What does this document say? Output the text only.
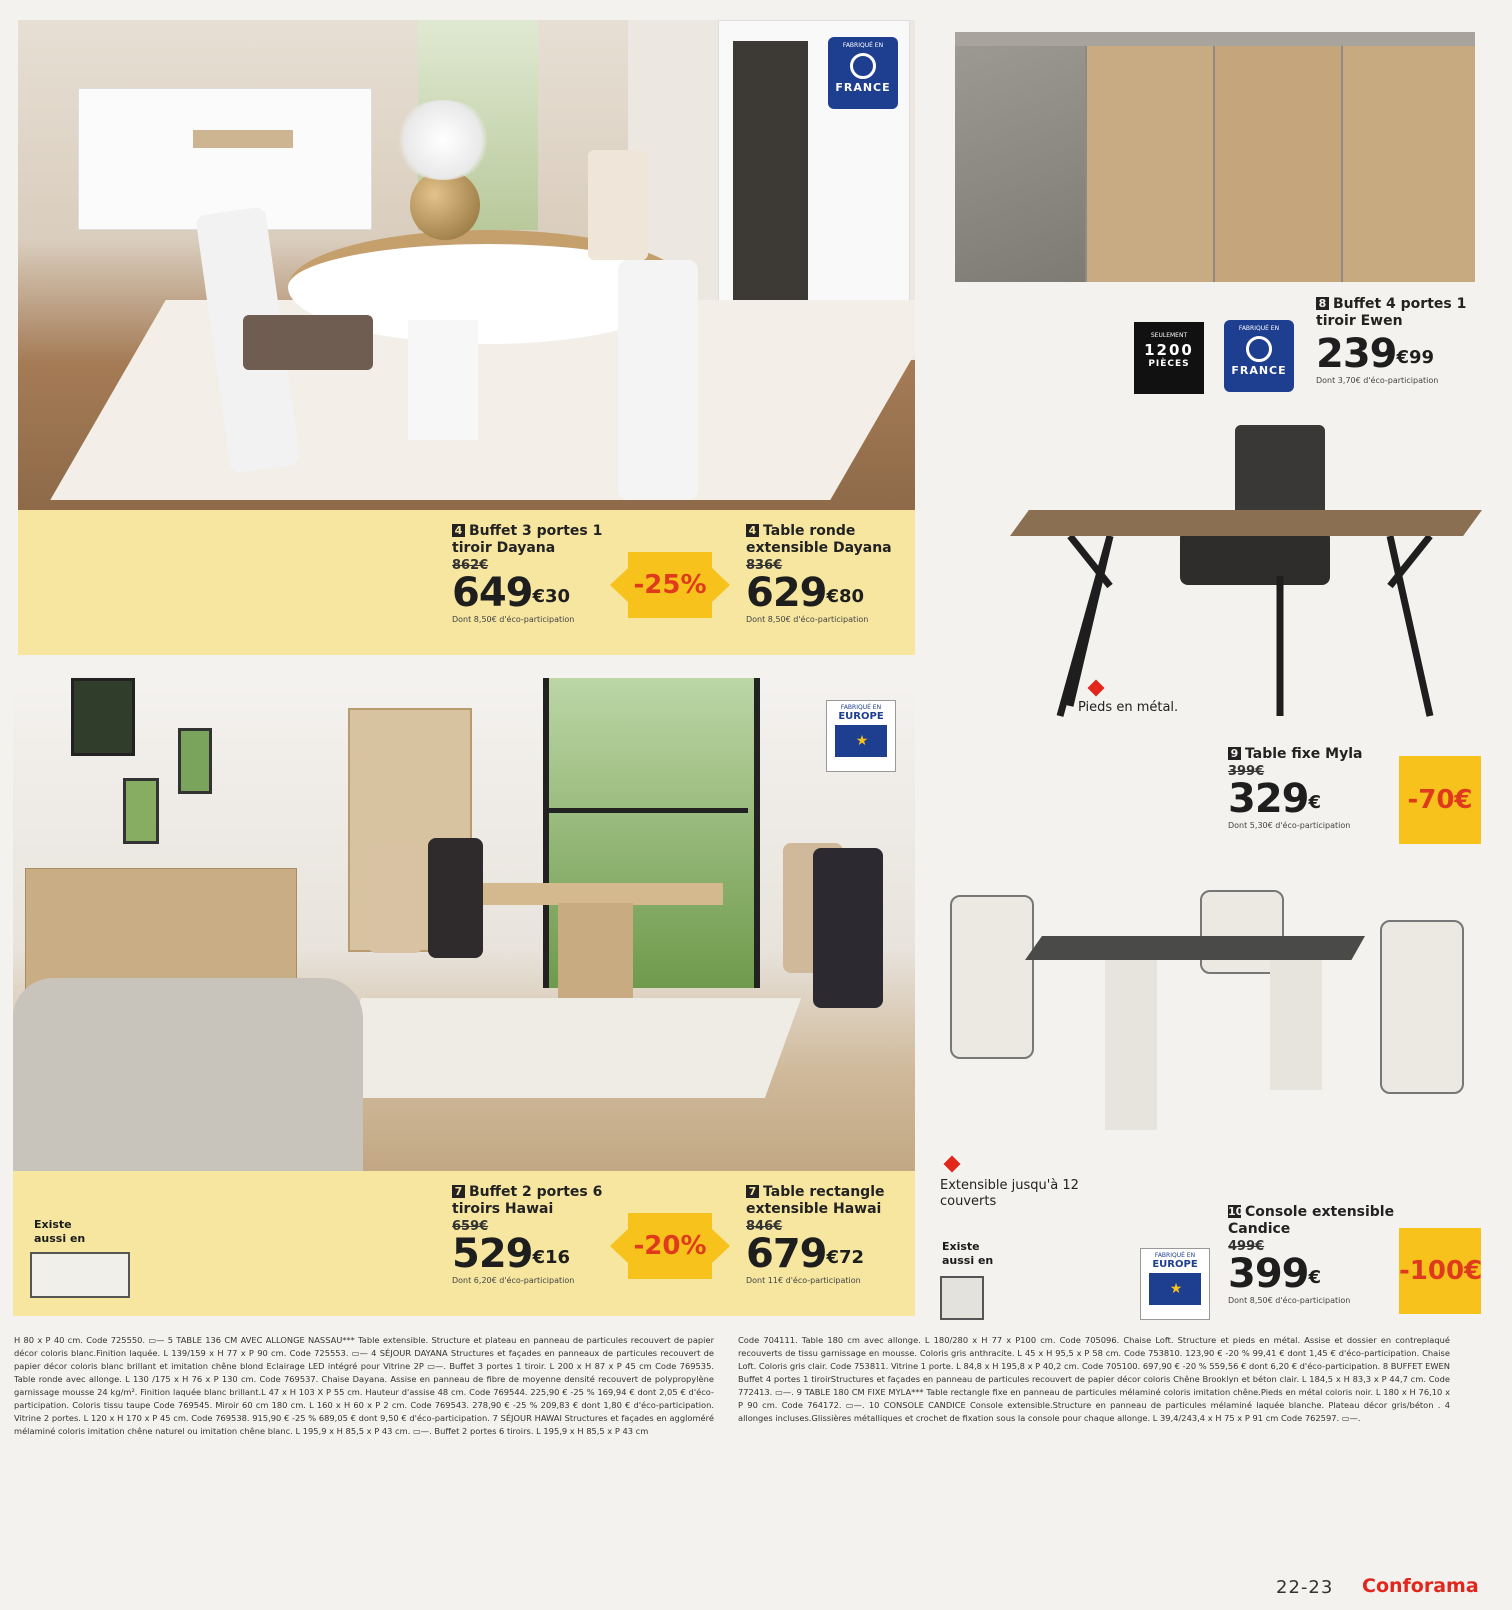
FABRIQUÉ EN
FRANCE
4 Buffet 3 portes 1 tiroir Dayana
862€
$649^{€30}$
Dont 8,50€ d'éco-participation
-25%
4 Table ronde extensible Dayana
836€
$629^{€80}$
Dont 8,50€ d'éco-participation
SEULEMENT
1200
PIÈCES
FABRIQUÉ EN
FRANCE
8 Buffet 4 portes 1 tiroir Ewen
$239^{€99}$
Dont 3,70€ d'éco-participation
Pieds en métal.
9 Table fixe Myla
399€
329€
Dont 5,30€ d'éco-participation
-70€
FABRIQUÉ EN
EUROPE
★
Existe aussi en
7 Buffet 2 portes 6 tiroirs Hawai
659€
$529^{€16}$
Dont 6,20€ d'éco-participation
-20%
7 Table rectangle extensible Hawai
846€
$679^{€72}$
Dont 11€ d'éco-participation
Extensible jusqu'à 12 couverts
Existe aussi en	FABRIQUÉ EN
EUROPE
★
10 Console extensible Candice
499€
399€
Dont 8,50€ d'éco-participation
-100€
H 80 x P 40 cm. Code 725550. ▭— 5 TABLE 136 CM AVEC ALLONGE NASSAU*** Table extensible. Structure et plateau en panneau de particules recouvert de papier décor coloris blanc.Finition laquée. L 139/159 x H 77 x P 90 cm. Code 725553. ▭— 4 SÉJOUR DAYANA Structures et façades en panneaux de particules recouvert de papier décor coloris blanc brillant et imitation chêne blond Eclairage LED intégré pour Vitrine 2P ▭—. Buffet 3 portes 1 tiroir. L 200 x H 87 x P 45 cm Code 769535. Table ronde avec allonge. L 130 /175 x H 76 x P 130 cm. Code 769537. Chaise Dayana. Assise en panneau de fibre de moyenne densité recouvert de polypropylène garnissage mousse 24 kg/m². Finition laquée blanc brillant.L 47 x H 103 X P 55 cm. Hauteur d'assise 48 cm. Code 769544. 225,90 € -25 % 169,94 € dont 2,05 € d'éco-participation. Coloris tissu taupe Code 769545. Miroir 60 cm 180 cm. L 160 x H 60 x P 2 cm. Code 769543. 278,90 € -25 % 209,83 € dont 1,80 € d'éco-participation. Vitrine 2 portes. L 120 x H 170 x P 45 cm. Code 769538. 915,90 € -25 % 689,05 € dont 9,50 € d'éco-participation. 7 SÉJOUR HAWAI Structures et façades en aggloméré mélaminé coloris imitation chêne naturel ou imitation chêne blanc. L 195,9 x H 85,5 x P 43 cm. ▭—. Buffet 2 portes 6 tiroirs. L 195,9 x H 85,5 x P 43 cm
Code 704111. Table 180 cm avec allonge. L 180/280 x H 77 x P100 cm. Code 705096. Chaise Loft. Structure et pieds en métal. Assise et dossier en contreplaqué recouverts de tissu garnissage en mousse. Coloris gris anthracite. L 45 x H 95,5 x P 58 cm. Code 753810. 123,90 € -20 % 99,41 € dont 1,45 € d'éco-participation. Chaise Loft. Coloris gris clair. Code 753811. Vitrine 1 porte. L 84,8 x H 195,8 x P 40,2 cm. Code 705100. 697,90 € -20 % 559,56 € dont 6,20 € d'éco-participation. 8 BUFFET EWEN Buffet 4 portes 1 tiroirStructures et façades en panneau de particules recouvert de papier décor coloris Chêne Brooklyn et béton clair. L 184,5 x H 83,3 x P 44,7 cm. Code 772413. ▭—. 9 TABLE 180 CM FIXE MYLA*** Table rectangle fixe en panneau de particules mélaminé coloris imitation chêne.Pieds en métal coloris noir. L 180 x H 76,10 x P 90 cm. Code 764172. ▭—. 10 CONSOLE CANDICE Console extensible.Structure en panneau de particules mélaminé laquée blanche. Plateau décor gris/béton . 4 allonges incluses.Glissières métalliques et crochet de fixation sous la console pour chaque allonge. L 39,4/243,4 x H 75 x P 91 cm Code 762597. ▭—.
22-23 Conforama
